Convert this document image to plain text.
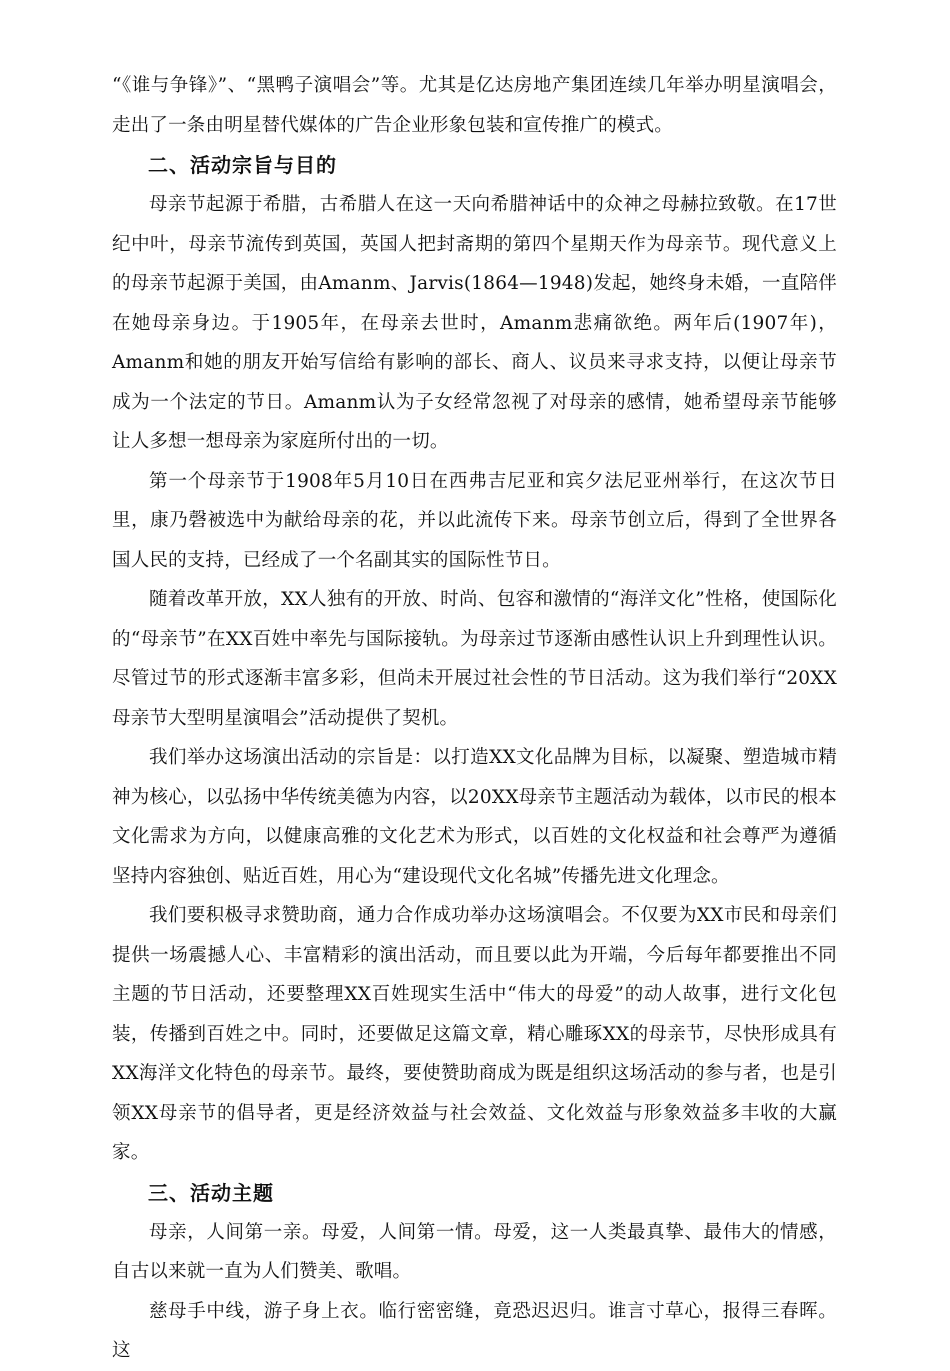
“《谁与争锋》”、“黑鸭子演唱会”等。尤其是亿达房地产集团连续几年举办明星演唱会，走出了一条由明星替代媒体的广告企业形象包装和宣传推广的模式。

二、活动宗旨与目的

母亲节起源于希腊，古希腊人在这一天向希腊神话中的众神之母赫拉致敬。在17世纪中叶，母亲节流传到英国，英国人把封斋期的第四个星期天作为母亲节。现代意义上的母亲节起源于美国，由Amanm、Jarvis(1864—1948)发起，她终身未婚，一直陪伴在她母亲身边。于1905年，在母亲去世时，Amanm悲痛欲绝。两年后(1907年)，Amanm和她的朋友开始写信给有影响的部长、商人、议员来寻求支持，以便让母亲节成为一个法定的节日。Amanm认为子女经常忽视了对母亲的感情，她希望母亲节能够让人多想一想母亲为家庭所付出的一切。

第一个母亲节于1908年5月10日在西弗吉尼亚和宾夕法尼亚州举行，在这次节日里，康乃磬被选中为献给母亲的花，并以此流传下来。母亲节创立后，得到了全世界各国人民的支持，已经成了一个名副其实的国际性节日。

随着改革开放，XX人独有的开放、时尚、包容和激情的“海洋文化”性格，使国际化的“母亲节”在XX百姓中率先与国际接轨。为母亲过节逐渐由感性认识上升到理性认识。尽管过节的形式逐渐丰富多彩，但尚未开展过社会性的节日活动。这为我们举行“20XX母亲节大型明星演唱会”活动提供了契机。

我们举办这场演出活动的宗旨是：以打造XX文化品牌为目标，以凝聚、塑造城市精神为核心，以弘扬中华传统美德为内容，以20XX母亲节主题活动为载体，以市民的根本文化需求为方向，以健康高雅的文化艺术为形式，以百姓的文化权益和社会尊严为遵循坚持内容独创、贴近百姓，用心为“建设现代文化名城”传播先进文化理念。

我们要积极寻求赞助商，通力合作成功举办这场演唱会。不仅要为XX市民和母亲们提供一场震撼人心、丰富精彩的演出活动，而且要以此为开端，今后每年都要推出不同主题的节日活动，还要整理XX百姓现实生活中“伟大的母爱”的动人故事，进行文化包装，传播到百姓之中。同时，还要做足这篇文章，精心雕琢XX的母亲节，尽快形成具有XX海洋文化特色的母亲节。最终，要使赞助商成为既是组织这场活动的参与者，也是引领XX母亲节的倡导者，更是经济效益与社会效益、文化效益与形象效益多丰收的大赢家。

三、活动主题

母亲，人间第一亲。母爱，人间第一情。母爱，这一人类最真挚、最伟大的情感，自古以来就一直为人们赞美、歌唱。

慈母手中线，游子身上衣。临行密密缝，竟恐迟迟归。谁言寸草心，报得三春晖。这
